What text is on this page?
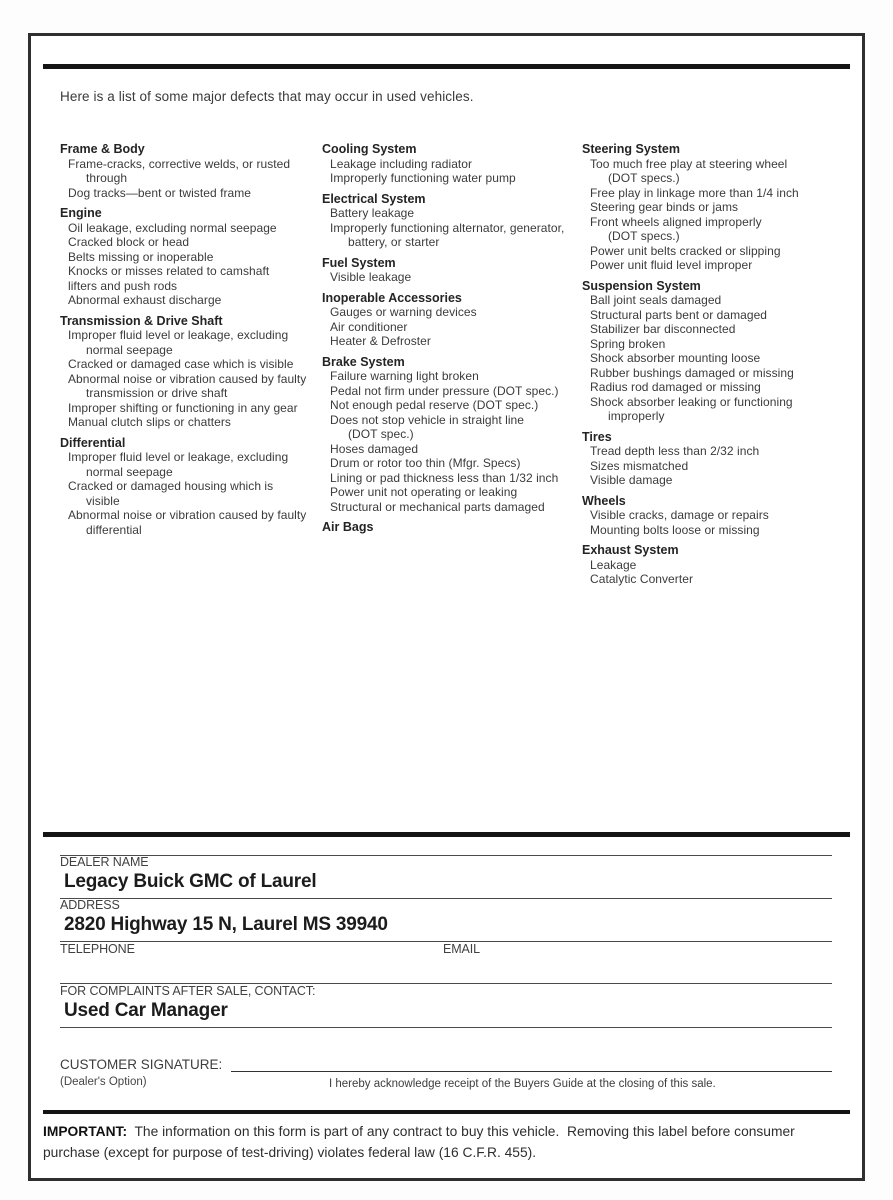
Here is a list of some major defects that may occur in used vehicles.
Frame & Body
Frame-cracks, corrective welds, or rusted
through
Dog tracks—bent or twisted frame
Engine
Oil leakage, excluding normal seepage
Cracked block or head
Belts missing or inoperable
Knocks or misses related to camshaft
lifters and push rods
Abnormal exhaust discharge
Transmission & Drive Shaft
Improper fluid level or leakage, excluding
normal seepage
Cracked or damaged case which is visible
Abnormal noise or vibration caused by faulty
transmission or drive shaft
Improper shifting or functioning in any gear
Manual clutch slips or chatters
Differential
Improper fluid level or leakage, excluding
normal seepage
Cracked or damaged housing which is
visible
Abnormal noise or vibration caused by faulty
differential
Cooling System
Leakage including radiator
Improperly functioning water pump
Electrical System
Battery leakage
Improperly functioning alternator, generator,
battery, or starter
Fuel System
Visible leakage
Inoperable Accessories
Gauges or warning devices
Air conditioner
Heater & Defroster
Brake System
Failure warning light broken
Pedal not firm under pressure (DOT spec.)
Not enough pedal reserve (DOT spec.)
Does not stop vehicle in straight line
(DOT spec.)
Hoses damaged
Drum or rotor too thin (Mfgr. Specs)
Lining or pad thickness less than 1/32 inch
Power unit not operating or leaking
Structural or mechanical parts damaged
Air Bags
Steering System
Too much free play at steering wheel
(DOT specs.)
Free play in linkage more than 1/4 inch
Steering gear binds or jams
Front wheels aligned improperly
(DOT specs.)
Power unit belts cracked or slipping
Power unit fluid level improper
Suspension System
Ball joint seals damaged
Structural parts bent or damaged
Stabilizer bar disconnected
Spring broken
Shock absorber mounting loose
Rubber bushings damaged or missing
Radius rod damaged or missing
Shock absorber leaking or functioning
improperly
Tires
Tread depth less than 2/32 inch
Sizes mismatched
Visible damage
Wheels
Visible cracks, damage or repairs
Mounting bolts loose or missing
Exhaust System
Leakage
Catalytic Converter
DEALER NAME
Legacy Buick GMC of Laurel
ADDRESS
2820 Highway 15 N, Laurel MS 39940
TELEPHONE	EMAIL
FOR COMPLAINTS AFTER SALE, CONTACT:
Used Car Manager
CUSTOMER SIGNATURE:
(Dealer's Option)	I hereby acknowledge receipt of the Buyers Guide at the closing of this sale.
IMPORTANT:  The information on this form is part of any contract to buy this vehicle.  Removing this label before consumer purchase (except for purpose of test-driving) violates federal law (16 C.F.R. 455).
